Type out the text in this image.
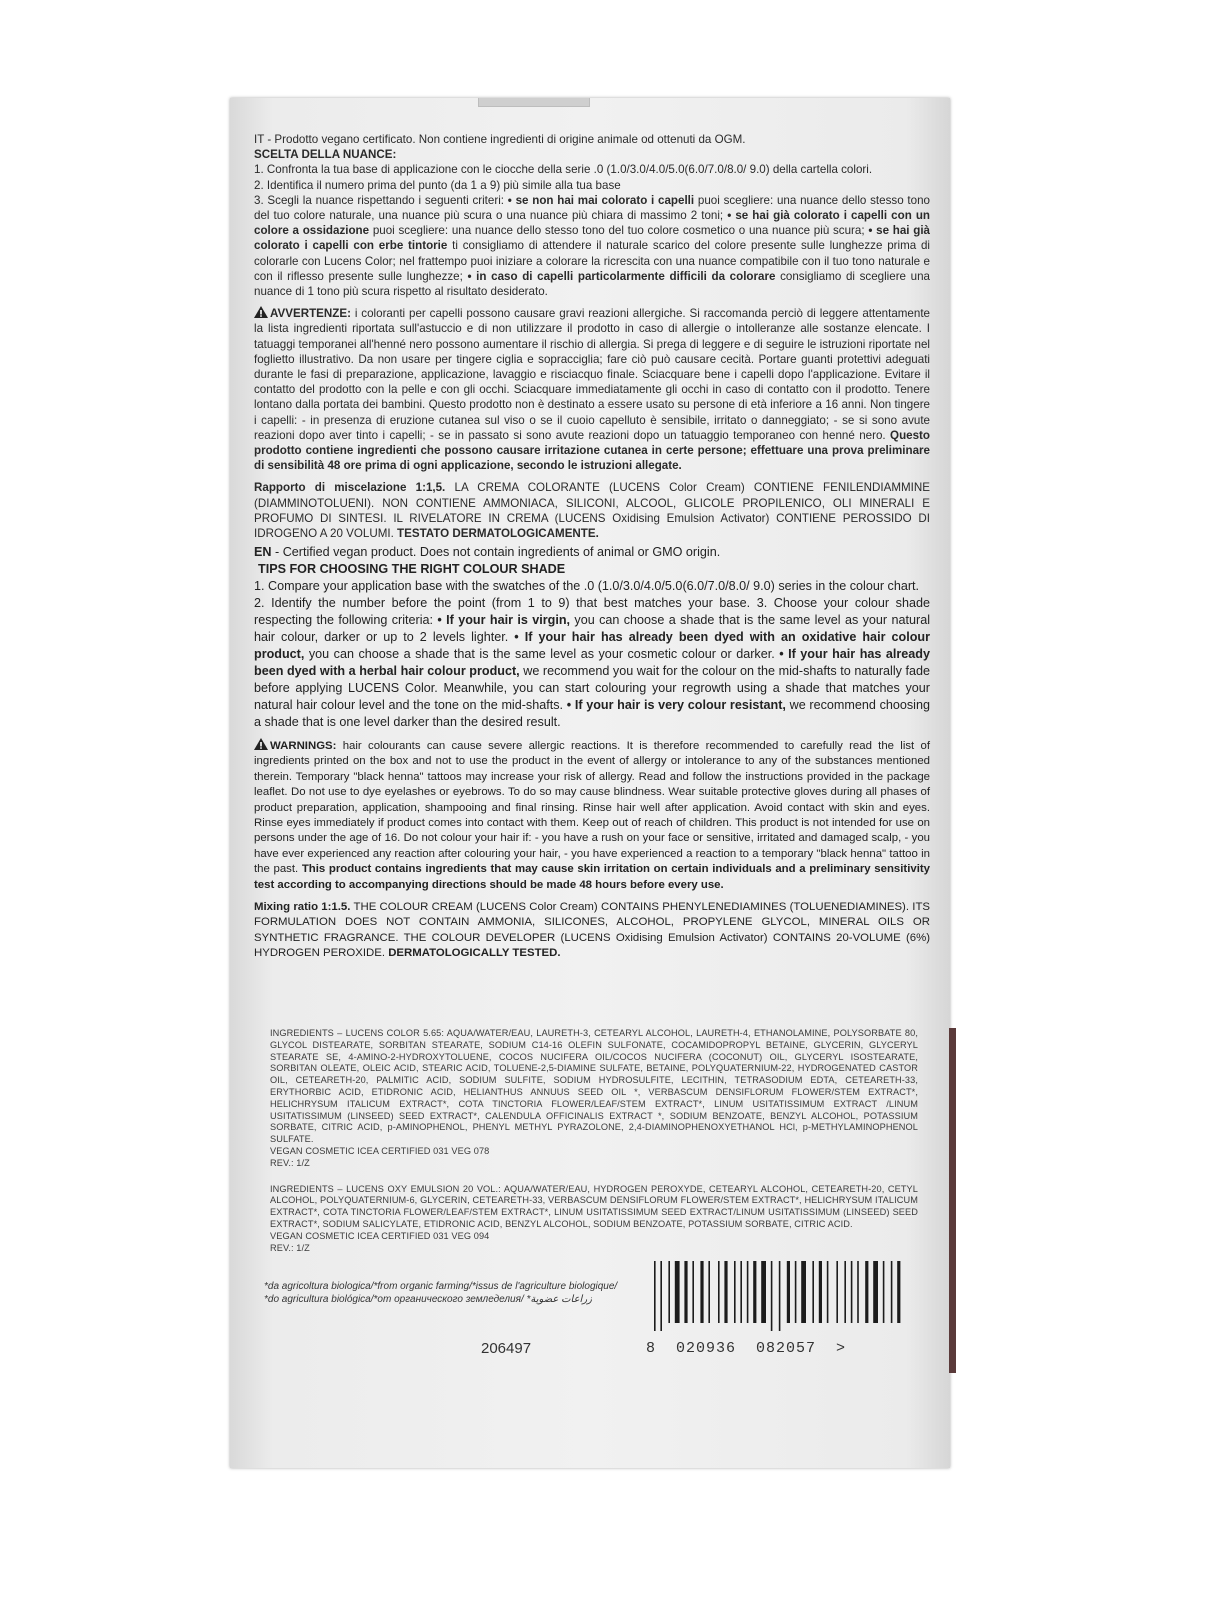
IT - Prodotto vegano certificato. Non contiene ingredienti di origine animale od ottenuti da OGM.

SCELTA DELLA NUANCE:

1. Confronta la tua base di applicazione con le ciocche della serie .0 (1.0/3.0/4.0/5.0(6.0/7.0/8.0/ 9.0) della cartella colori.

2. Identifica il numero prima del punto (da 1 a 9) più simile alla tua base

3. Scegli la nuance rispettando i seguenti criteri: • se non hai mai colorato i capelli puoi scegliere: una nuance dello stesso tono del tuo colore naturale, una nuance più scura o una nuance più chiara di massimo 2 toni; • se hai già colorato i capelli con un colore a ossidazione puoi scegliere: una nuance dello stesso tono del tuo colore cosmetico o una nuance più scura; • se hai già colorato i capelli con erbe tintorie ti consigliamo di attendere il naturale scarico del colore presente sulle lunghezze prima di colorarle con Lucens Color; nel frattempo puoi iniziare a colorare la ricrescita con una nuance compatibile con il tuo tono naturale e con il riflesso presente sulle lunghezze; • in caso di capelli particolarmente difficili da colorare consigliamo di scegliere una nuance di 1 tono più scura rispetto al risultato desiderato.

AVVERTENZE: i coloranti per capelli possono causare gravi reazioni allergiche. Si raccomanda perciò di leggere attentamente la lista ingredienti riportata sull'astuccio e di non utilizzare il prodotto in caso di allergie o intolleranze alle sostanze elencate. I tatuaggi temporanei all'henné nero possono aumentare il rischio di allergia. Si prega di leggere e di seguire le istruzioni riportate nel foglietto illustrativo. Da non usare per tingere ciglia e sopracciglia; fare ciò può causare cecità. Portare guanti protettivi adeguati durante le fasi di preparazione, applicazione, lavaggio e risciacquo finale. Sciacquare bene i capelli dopo l'applicazione. Evitare il contatto del prodotto con la pelle e con gli occhi. Sciacquare immediatamente gli occhi in caso di contatto con il prodotto. Tenere lontano dalla portata dei bambini. Questo prodotto non è destinato a essere usato su persone di età inferiore a 16 anni. Non tingere i capelli: - in presenza di eruzione cutanea sul viso o se il cuoio capelluto è sensibile, irritato o danneggiato; - se si sono avute reazioni dopo aver tinto i capelli; - se in passato si sono avute reazioni dopo un tatuaggio temporaneo con henné nero. Questo prodotto contiene ingredienti che possono causare irritazione cutanea in certe persone; effettuare una prova preliminare di sensibilità 48 ore prima di ogni applicazione, secondo le istruzioni allegate.

Rapporto di miscelazione 1:1,5. LA CREMA COLORANTE (LUCENS Color Cream) CONTIENE FENILENDIAMMINE (DIAMMINOTOLUENI). NON CONTIENE AMMONIACA, SILICONI, ALCOOL, GLICOLE PROPILENICO, OLI MINERALI E PROFUMO DI SINTESI. IL RIVELATORE IN CREMA (LUCENS Oxidising Emulsion Activator) CONTIENE PEROSSIDO DI IDROGENO A 20 VOLUMI. TESTATO DERMATOLOGICAMENTE.

EN - Certified vegan product. Does not contain ingredients of animal or GMO origin.

TIPS FOR CHOOSING THE RIGHT COLOUR SHADE

1. Compare your application base with the swatches of the .0 (1.0/3.0/4.0/5.0(6.0/7.0/8.0/ 9.0) series in the colour chart.

2. Identify the number before the point (from 1 to 9) that best matches your base. 3. Choose your colour shade respecting the following criteria: • If your hair is virgin, you can choose a shade that is the same level as your natural hair colour, darker or up to 2 levels lighter. • If your hair has already been dyed with an oxidative hair colour product, you can choose a shade that is the same level as your cosmetic colour or darker. • If your hair has already been dyed with a herbal hair colour product, we recommend you wait for the colour on the mid-shafts to naturally fade before applying LUCENS Color. Meanwhile, you can start colouring your regrowth using a shade that matches your natural hair colour level and the tone on the mid-shafts. • If your hair is very colour resistant, we recommend choosing a shade that is one level darker than the desired result.

WARNINGS: hair colourants can cause severe allergic reactions. It is therefore recommended to carefully read the list of ingredients printed on the box and not to use the product in the event of allergy or intolerance to any of the substances mentioned therein. Temporary "black henna" tattoos may increase your risk of allergy. Read and follow the instructions provided in the package leaflet. Do not use to dye eyelashes or eyebrows. To do so may cause blindness. Wear suitable protective gloves during all phases of product preparation, application, shampooing and final rinsing. Rinse hair well after application. Avoid contact with skin and eyes. Rinse eyes immediately if product comes into contact with them. Keep out of reach of children. This product is not intended for use on persons under the age of 16. Do not colour your hair if: - you have a rush on your face or sensitive, irritated and damaged scalp, - you have ever experienced any reaction after colouring your hair, - you have experienced a reaction to a temporary "black henna" tattoo in the past. This product contains ingredients that may cause skin irritation on certain individuals and a preliminary sensitivity test according to accompanying directions should be made 48 hours before every use.

Mixing ratio 1:1.5. THE COLOUR CREAM (LUCENS Color Cream) CONTAINS PHENYLENEDIAMINES (TOLUENEDIAMINES). ITS FORMULATION DOES NOT CONTAIN AMMONIA, SILICONES, ALCOHOL, PROPYLENE GLYCOL, MINERAL OILS OR SYNTHETIC FRAGRANCE. THE COLOUR DEVELOPER (LUCENS Oxidising Emulsion Activator) CONTAINS 20-VOLUME (6%) HYDROGEN PEROXIDE. DERMATOLOGICALLY TESTED.

INGREDIENTS – LUCENS COLOR 5.65: AQUA/WATER/EAU, LAURETH-3, CETEARYL ALCOHOL, LAURETH-4, ETHANOLAMINE, POLYSORBATE 80, GLYCOL DISTEARATE, SORBITAN STEARATE, SODIUM C14-16 OLEFIN SULFONATE, COCAMIDOPROPYL BETAINE, GLYCERIN, GLYCERYL STEARATE SE, 4-AMINO-2-HYDROXYTOLUENE, COCOS NUCIFERA OIL/COCOS NUCIFERA (COCONUT) OIL, GLYCERYL ISOSTEARATE, SORBITAN OLEATE, OLEIC ACID, STEARIC ACID, TOLUENE-2,5-DIAMINE SULFATE, BETAINE, POLYQUATERNIUM-22, HYDROGENATED CASTOR OIL, CETEARETH-20, PALMITIC ACID, SODIUM SULFITE, SODIUM HYDROSULFITE, LECITHIN, TETRASODIUM EDTA, CETEARETH-33, ERYTHORBIC ACID, ETIDRONIC ACID, HELIANTHUS ANNUUS SEED OIL *, VERBASCUM DENSIFLORUM FLOWER/STEM EXTRACT*, HELICHRYSUM ITALICUM EXTRACT*, COTA TINCTORIA FLOWER/LEAF/STEM EXTRACT*, LINUM USITATISSIMUM EXTRACT /LINUM USITATISSIMUM (LINSEED) SEED EXTRACT*, CALENDULA OFFICINALIS EXTRACT *, SODIUM BENZOATE, BENZYL ALCOHOL, POTASSIUM SORBATE, CITRIC ACID, p-AMINOPHENOL, PHENYL METHYL PYRAZOLONE, 2,4-DIAMINOPHENOXYETHANOL HCl, p-METHYLAMINOPHENOL SULFATE.

VEGAN COSMETIC ICEA CERTIFIED 031 VEG 078
REV.: 1/Z

INGREDIENTS – LUCENS OXY EMULSION 20 VOL.: AQUA/WATER/EAU, HYDROGEN PEROXYDE, CETEARYL ALCOHOL, CETEARETH-20, CETYL ALCOHOL, POLYQUATERNIUM-6, GLYCERIN, CETEARETH-33, VERBASCUM DENSIFLORUM FLOWER/STEM EXTRACT*, HELICHRYSUM ITALICUM EXTRACT*, COTA TINCTORIA FLOWER/LEAF/STEM EXTRACT*, LINUM USITATISSIMUM SEED EXTRACT/LINUM USITATISSIMUM (LINSEED) SEED EXTRACT*, SODIUM SALICYLATE, ETIDRONIC ACID, BENZYL ALCOHOL, SODIUM BENZOATE, POTASSIUM SORBATE, CITRIC ACID.

VEGAN COSMETIC ICEA CERTIFIED 031 VEG 094
REV.: 1/Z
*da agricoltura biologica/*from organic farming/*issus de l'agriculture biologique/
*do agricultura biológica/*от органического земледелия/ *زراعات عضوية
206497	8  020936  082057  >
